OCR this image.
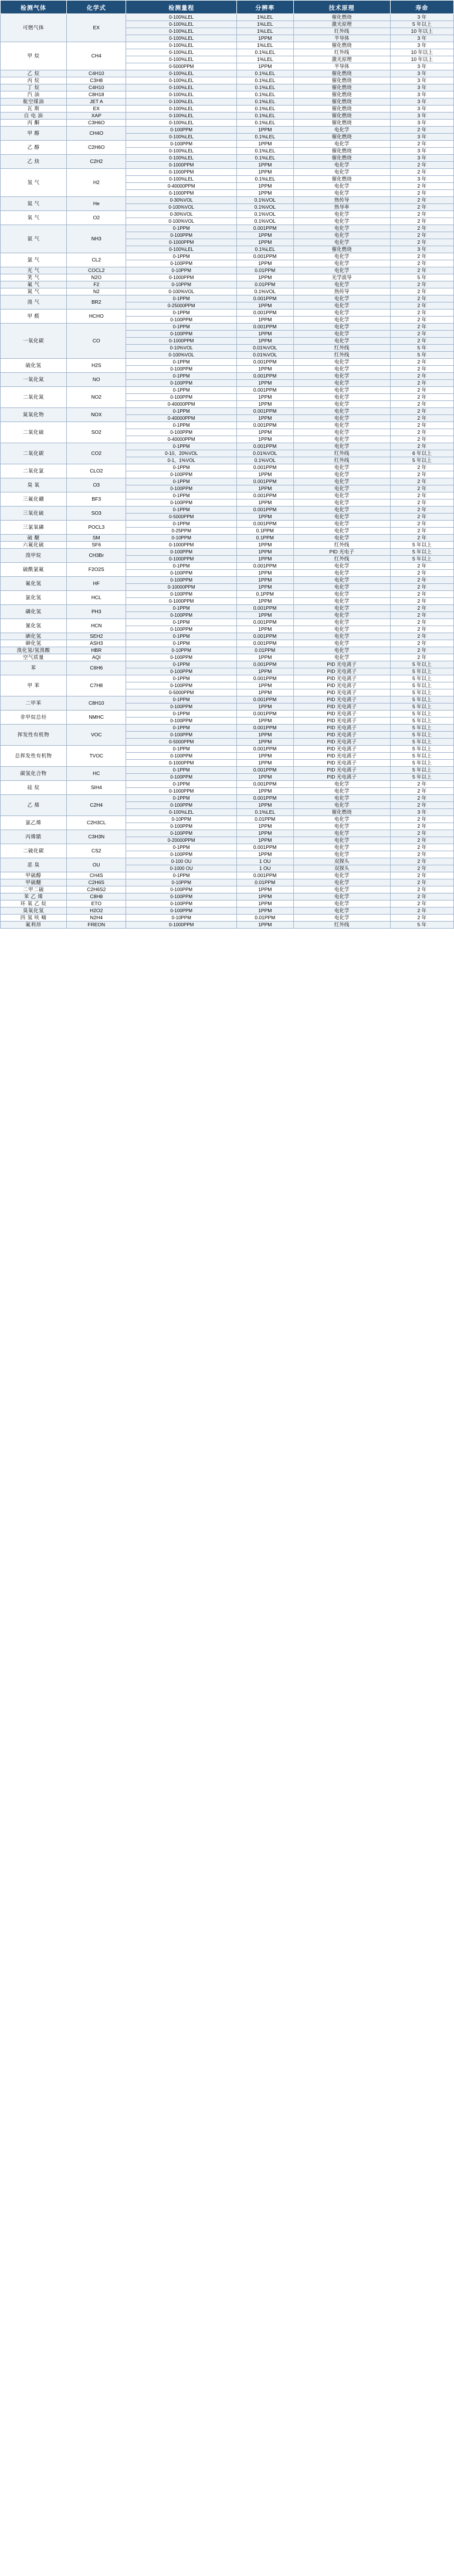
检测气体	化学式	检测量程	分辨率	技术原理	寿命
可燃气体	EX	0-100%LEL	1%LEL	催化燃烧	3 年
		0-100%LEL	1%LEL	激光原理	5 年以上
		0-100%LEL	1%LEL	红外线	10 年以上
		0-100%LEL	1PPM	半导体	3 年
甲 烷	CH4	0-100%LEL	1%LEL	催化燃烧	3 年
		0-100%LEL	0.1%LEL	红外线	10 年以上
		0-100%LEL	1%LEL	激光原理	10 年以上
		0-5000PPM	1PPM	半导体	3 年
乙 烷	C4H10	0-100%LEL	0.1%LEL	催化燃烧	3 年
丙 烷	C3H8	0-100%LEL	0.1%LEL	催化燃烧	3 年
丁 烷	C4H10	0-100%LEL	0.1%LEL	催化燃烧	3 年
汽 油	C8H18	0-100%LEL	0.1%LEL	催化燃烧	3 年
航空煤油	JET A	0-100%LEL	0.1%LEL	催化燃烧	3 年
瓦 斯	EX	0-100%LEL	0.1%LEL	催化燃烧	3 年
自 电 油	XAP	0-100%LEL	0.1%LEL	催化燃烧	3 年
丙 酮	C3H6O	0-100%LEL	0.1%LEL	催化燃烧	3 年
甲 醇	CH4O	0-100PPM	1PPM	电化学	2 年
		0-100%LEL	0.1%LEL	催化燃烧	3 年
乙 醇	C2H6O	0-100PPM	1PPM	电化学	2 年
		0-100%LEL	0.1%LEL	催化燃烧	3 年
乙 炔	C2H2	0-100%LEL	0.1%LEL	催化燃烧	3 年
		0-1000PPM	1PPM	电化学	2 年
氢 气	H2	0-1000PPM	1PPM	电化学	2 年
		0-100%LEL	0.1%LEL	催化燃烧	3 年
		0-40000PPM	1PPM	电化学	2 年
		0-1000PPM	1PPM	电化学	2 年
氦 气	He	0-30%VOL	0.1%VOL	热传导	2 年
		0-100%VOL	0.1%VOL	热导率	2 年
氧 气	O2	0-30%VOL	0.1%VOL	电化学	2 年
		0-100%VOL	0.1%VOL	电化学	2 年
氨 气	NH3	0-1PPM	0.001PPM	电化学	2 年
		0-100PPM	1PPM	电化学	2 年
		0-1000PPM	1PPM	电化学	2 年
		0-100%LEL	0.1%LEL	催化燃烧	3 年
氯 气	CL2	0-1PPM	0.001PPM	电化学	2 年
		0-100PPM	1PPM	电化学	2 年
光 气	COCL2	0-10PPM	0.01PPM	电化学	2 年
笑 气	N2O	0-1000PPM	1PPM	光学波导	5 年
氟 气	F2	0-10PPM	0.01PPM	电化学	2 年
氮 气	N2	0-100%VOL	0.1%VOL	热传导	2 年
溴 气	BR2	0-1PPM	0.001PPM	电化学	2 年
		0-25000PPM	1PPM	电化学	2 年
甲 醛	HCHO	0-1PPM	0.001PPM	电化学	2 年
		0-100PPM	1PPM	电化学	2 年
一氧化碳	CO	0-1PPM	0.001PPM	电化学	2 年
		0-100PPM	1PPM	电化学	2 年
		0-1000PPM	1PPM	电化学	2 年
		0-10%VOL	0.01%VOL	红外线	5 年
		0-100%VOL	0.01%VOL	红外线	5 年
硫化氢	H2S	0-1PPM	0.001PPM	电化学	2 年
		0-100PPM	1PPM	电化学	2 年
一氧化氮	NO	0-1PPM	0.001PPM	电化学	2 年
		0-100PPM	1PPM	电化学	2 年
二氧化氮	NO2	0-1PPM	0.001PPM	电化学	2 年
		0-100PPM	1PPM	电化学	2 年
		0-40000PPM	1PPM	电化学	2 年
氮氧化物	NOX	0-1PPM	0.001PPM	电化学	2 年
		0-40000PPM	1PPM	电化学	2 年
二氧化硫	SO2	0-1PPM	0.001PPM	电化学	2 年
		0-100PPM	1PPM	电化学	2 年
		0-40000PPM	1PPM	电化学	2 年
二氧化碳	CO2	0-1PPM	0.001PPM	电化学	2 年
		0-10、20%VOL	0.01%VOL	红外线	6 年以上
		0-1、1%VOL	0.1%VOL	红外线	5 年以上
二氧化氯	CLO2	0-1PPM	0.001PPM	电化学	2 年
		0-100PPM	1PPM	电化学	2 年
臭 氧	O3	0-1PPM	0.001PPM	电化学	2 年
		0-100PPM	1PPM	电化学	2 年
三氟化硼	BF3	0-1PPM	0.001PPM	电化学	2 年
		0-100PPM	1PPM	电化学	2 年
三氧化硫	SO3	0-1PPM	0.001PPM	电化学	2 年
		0-5000PPM	1PPM	电化学	2 年
三氯氧磷	POCL3	0-1PPM	0.001PPM	电化学	2 年
		0-25PPM	0.1PPM	电化学	2 年
硫 醚	SM	0-10PPM	0.1PPM	电化学	2 年
六氟化硫	SF6	0-1000PPM	1PPM	红外线	5 年以上
溴甲烷	CH3Br	0-100PPM	1PPM	PID 光电子	5 年以上
		0-1000PPM	1PPM	红外线	5 年以上
硫酰氯氟	F2O2S	0-1PPM	0.001PPM	电化学	2 年
		0-100PPM	1PPM	电化学	2 年
氟化氢	HF	0-100PPM	1PPM	电化学	2 年
		0-10000PPM	1PPM	电化学	2 年
氯化氢	HCL	0-100PPM	0.1PPM	电化学	2 年
		0-1000PPM	1PPM	电化学	2 年
磷化氢	PH3	0-1PPM	0.001PPM	电化学	2 年
		0-100PPM	1PPM	电化学	2 年
氰化氢	HCN	0-1PPM	0.001PPM	电化学	2 年
		0-100PPM	1PPM	电化学	2 年
硒化氢	SEH2	0-1PPM	0.001PPM	电化学	2 年
砷化氢	ASH3	0-1PPM	0.001PPM	电化学	2 年
溴化氢/氢溴酸	HBR	0-10PPM	0.01PPM	电化学	2 年
空气质量	AQI	0-100PPM	1PPM	电化学	2 年
苯	C6H6	0-1PPM	0.001PPM	PID 光电离子	5 年以上
		0-100PPM	1PPM	PID 光电离子	5 年以上
甲 苯	C7H8	0-1PPM	0.001PPM	PID 光电离子	5 年以上
		0-100PPM	1PPM	PID 光电离子	5 年以上
		0-5000PPM	1PPM	PID 光电离子	5 年以上
二甲苯	C8H10	0-1PPM	0.001PPM	PID 光电离子	5 年以上
		0-100PPM	1PPM	PID 光电离子	5 年以上
非甲烷总烃	NMHC	0-1PPM	0.001PPM	PID 光电离子	5 年以上
		0-100PPM	1PPM	PID 光电离子	5 年以上
挥发性有机物	VOC	0-1PPM	0.001PPM	PID 光电离子	5 年以上
		0-100PPM	1PPM	PID 光电离子	5 年以上
		0-5000PPM	1PPM	PID 光电离子	5 年以上
总挥发性有机物	TVOC	0-1PPM	0.001PPM	PID 光电离子	5 年以上
		0-100PPM	1PPM	PID 光电离子	5 年以上
		0-1000PPM	1PPM	PID 光电离子	5 年以上
碳氢化合物	HC	0-1PPM	0.001PPM	PID 光电离子	5 年以上
		0-100PPM	1PPM	PID 光电离子	5 年以上
硅 烷	SIH4	0-1PPM	0.001PPM	电化学	2 年
		0-1000PPM	1PPM	电化学	2 年
乙 烯	C2H4	0-1PPM	0.001PPM	电化学	2 年
		0-100PPM	1PPM	电化学	2 年
		0-100%LEL	0.1%LEL	催化燃烧	3 年
氯乙烯	C2H3CL	0-10PPM	0.01PPM	电化学	2 年
		0-100PPM	1PPM	电化学	2 年
丙烯腈	C3H3N	0-100PPM	1PPM	电化学	2 年
		0-20000PPM	1PPM	电化学	2 年
二硫化碳	CS2	0-1PPM	0.001PPM	电化学	2 年
		0-100PPM	1PPM	电化学	2 年
恶 臭	OU	0-100 OU	1 OU	双探头	2 年
		0-1000 OU	1 OU	双探头	2 年
甲硫醇	CH4S	0-1PPM	0.001PPM	电化学	2 年
甲硫醚	C2H6S	0-10PPM	0.01PPM	电化学	2 年
二甲二硫	C2H6S2	0-100PPM	1PPM	电化学	2 年
苯 乙 烯	C8H8	0-100PPM	1PPM	电化学	2 年
环 氧 乙 烷	ETO	0-100PPM	1PPM	电化学	2 年
臭氧化氢	H2O2	0-100PPM	1PPM	电化学	2 年
四 氢 呋 喃	N2H4	0-10PPM	0.01PPM	电化学	2 年
氟利昂	FREON	0-1000PPM	1PPM	红外线	5 年
